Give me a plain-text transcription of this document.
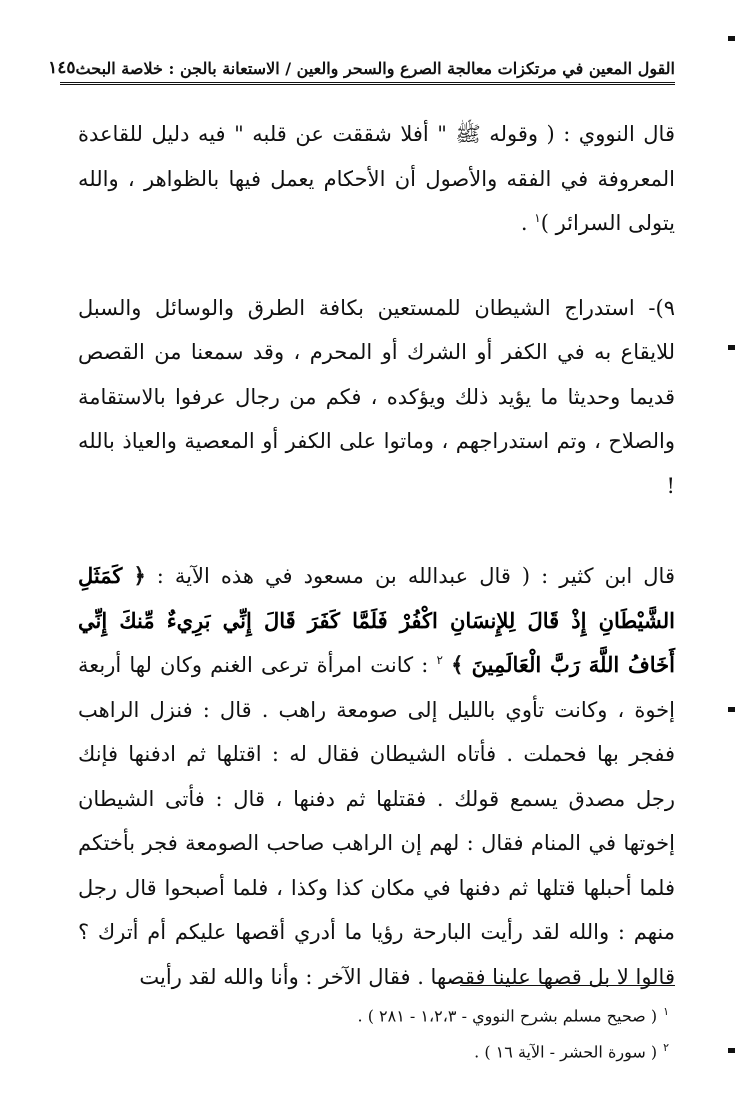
القول المعين في مرتكزات معالجة الصرع والسحر والعين / الاستعانة بالجن : خلاصة البحث
١٤٥

قال النووي : ( وقوله ﷺ " أفلا شققت عن قلبه " فيه دليل للقاعدة المعروفة في الفقه والأصول أن الأحكام يعمل فيها بالظواهر ، والله يتولى السرائر )$^١$ .

٩)- استدراج الشيطان للمستعين بكافة الطرق والوسائل والسبل للايقاع به في الكفر أو الشرك أو المحرم ، وقد سمعنا من القصص قديما وحديثا ما يؤيد ذلك ويؤكده ، فكم من رجال عرفوا بالاستقامة والصلاح ، وتم استدراجهم ، وماتوا على الكفر أو المعصية والعياذ بالله !

قال ابن كثير : ( قال عبدالله بن مسعود في هذه الآية : ﴿ كَمَثَلِ الشَّيْطَانِ إِذْ قَالَ لِلإِنسَانِ اكْفُرْ فَلَمَّا كَفَرَ قَالَ إِنِّي بَرِيءٌ مِّنكَ إِنِّي أَخَافُ اللَّهَ رَبَّ الْعَالَمِينَ ﴾ $^٢$ : كانت امرأة ترعى الغنم وكان لها أربعة إخوة ، وكانت تأوي بالليل إلى صومعة راهب . قال : فنزل الراهب ففجر بها فحملت . فأتاه الشيطان فقال له : اقتلها ثم ادفنها فإنك رجل مصدق يسمع قولك . فقتلها ثم دفنها ، قال : فأتى الشيطان إخوتها في المنام فقال : لهم إن الراهب صاحب الصومعة فجر بأختكم فلما أحبلها قتلها ثم دفنها في مكان كذا وكذا ، فلما أصبحوا قال رجل منهم : والله لقد رأيت البارحة رؤيا ما أدري أقصها عليكم أم أترك ؟ قالوا لا بل قصها علينا فقصها . فقال الآخر : وأنا والله لقد رأيت

$^١$( صحيح مسلم بشرح النووي - ١،٢،٣ - ٢٨١ ) .

$^٢$( سورة الحشر - الآية ١٦ ) .
